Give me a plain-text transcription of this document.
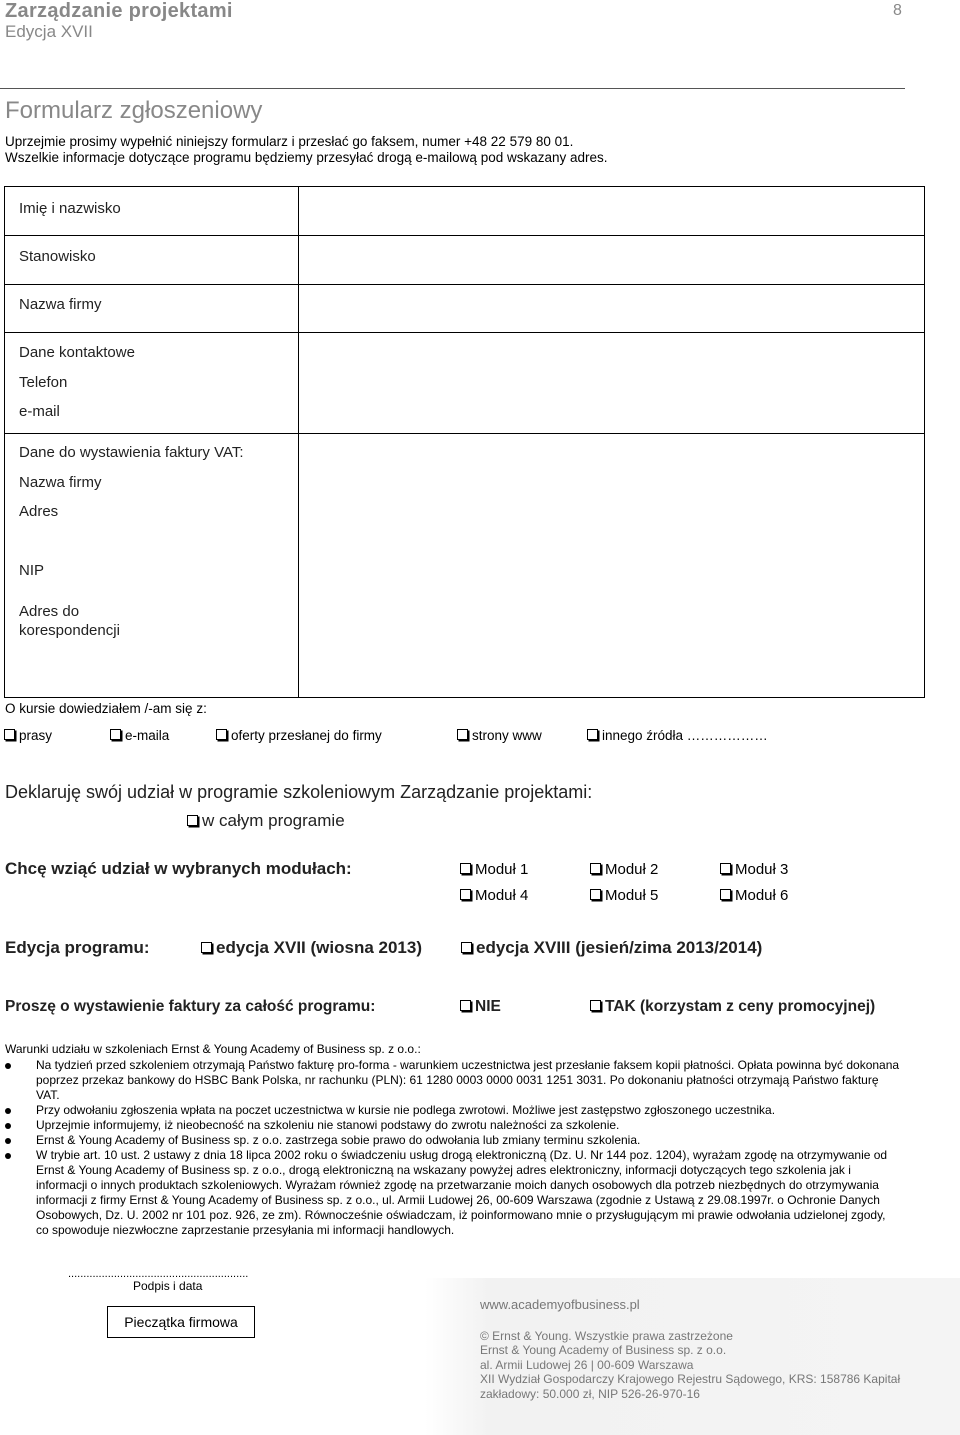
Zarządzanie projektami
Edycja XVII
8
Formularz zgłoszeniowy
Uprzejmie prosimy wypełnić niniejszy formularz i przesłać go faksem, numer +48 22 579 80 01.
Wszelkie informacje dotyczące programu będziemy przesyłać drogą e-mailową pod wskazany adres.
Imię i nazwisko
Stanowisko
Nazwa firmy
Dane kontaktowe
Telefon
e-mail
Dane do wystawienia faktury VAT:
Nazwa firmy
Adres
NIP
Adres do
korespondencji
O kursie dowiedziałem /-am się z:
prasy	e-maila	oferty przesłanej do firmy	strony www	innego źródła ………………
Deklaruję swój udział w programie szkoleniowym Zarządzanie projektami:
w całym programie
Chcę wziąć udział w wybranych modułach:	Moduł 1	Moduł 2	Moduł 3
Moduł 4	Moduł 5	Moduł 6
Edycja programu:	edycja XVII (wiosna 2013)	edycja XVIII (jesień/zima 2013/2014)
Proszę o wystawienie faktury za całość programu:	NIE	TAK (korzystam z ceny promocyjnej)
Warunki udziału w szkoleniach Ernst & Young Academy of Business sp. z o.o.:
Na tydzień przed szkoleniem otrzymają Państwo fakturę pro-forma - warunkiem uczestnictwa jest przesłanie faksem kopii płatności. Opłata powinna być dokonana poprzez przekaz bankowy do HSBC Bank Polska, nr rachunku (PLN): 61 1280 0003 0000 0031 1251 3031. Po dokonaniu płatności otrzymają Państwo fakturę VAT.
Przy odwołaniu zgłoszenia wpłata na poczet uczestnictwa w kursie nie podlega zwrotowi. Możliwe jest zastępstwo zgłoszonego uczestnika.
Uprzejmie informujemy, iż nieobecność na szkoleniu nie stanowi podstawy do zwrotu należności za szkolenie.
Ernst & Young Academy of Business sp. z o.o. zastrzega sobie prawo do odwołania lub zmiany terminu szkolenia.
W trybie art. 10 ust. 2 ustawy z dnia 18 lipca 2002 roku o świadczeniu usług drogą elektroniczną (Dz. U. Nr 144 poz. 1204), wyrażam zgodę na otrzymywanie od Ernst & Young Academy of Business sp. z o.o., drogą elektroniczną na wskazany powyżej adres elektroniczny, informacji dotyczących tego szkolenia jak i informacji o innych produktach szkoleniowych. Wyrażam również zgodę na przetwarzanie moich danych osobowych dla potrzeb niezbędnych do otrzymywania informacji z firmy Ernst & Young Academy of Business sp. z o.o., ul. Armii Ludowej 26, 00-609 Warszawa (zgodnie z Ustawą z 29.08.1997r. o Ochronie Danych Osobowych, Dz. U. 2002 nr 101 poz. 926, ze zm). Równocześnie oświadczam, iż poinformowano mnie o przysługującym mi prawie odwołania udzielonej zgody, co spowoduje niezwłoczne zaprzestanie przesyłania mi informacji handlowych.
...........................................................
Podpis i data
Pieczątka firmowa
www.academyofbusiness.pl
© Ernst & Young. Wszystkie prawa zastrzeżone
Ernst & Young Academy of Business sp. z o.o.
al. Armii Ludowej 26 | 00-609 Warszawa
XII Wydział Gospodarczy Krajowego Rejestru Sądowego, KRS: 158786 Kapitał
zakładowy: 50.000 zł, NIP 526-26-970-16
